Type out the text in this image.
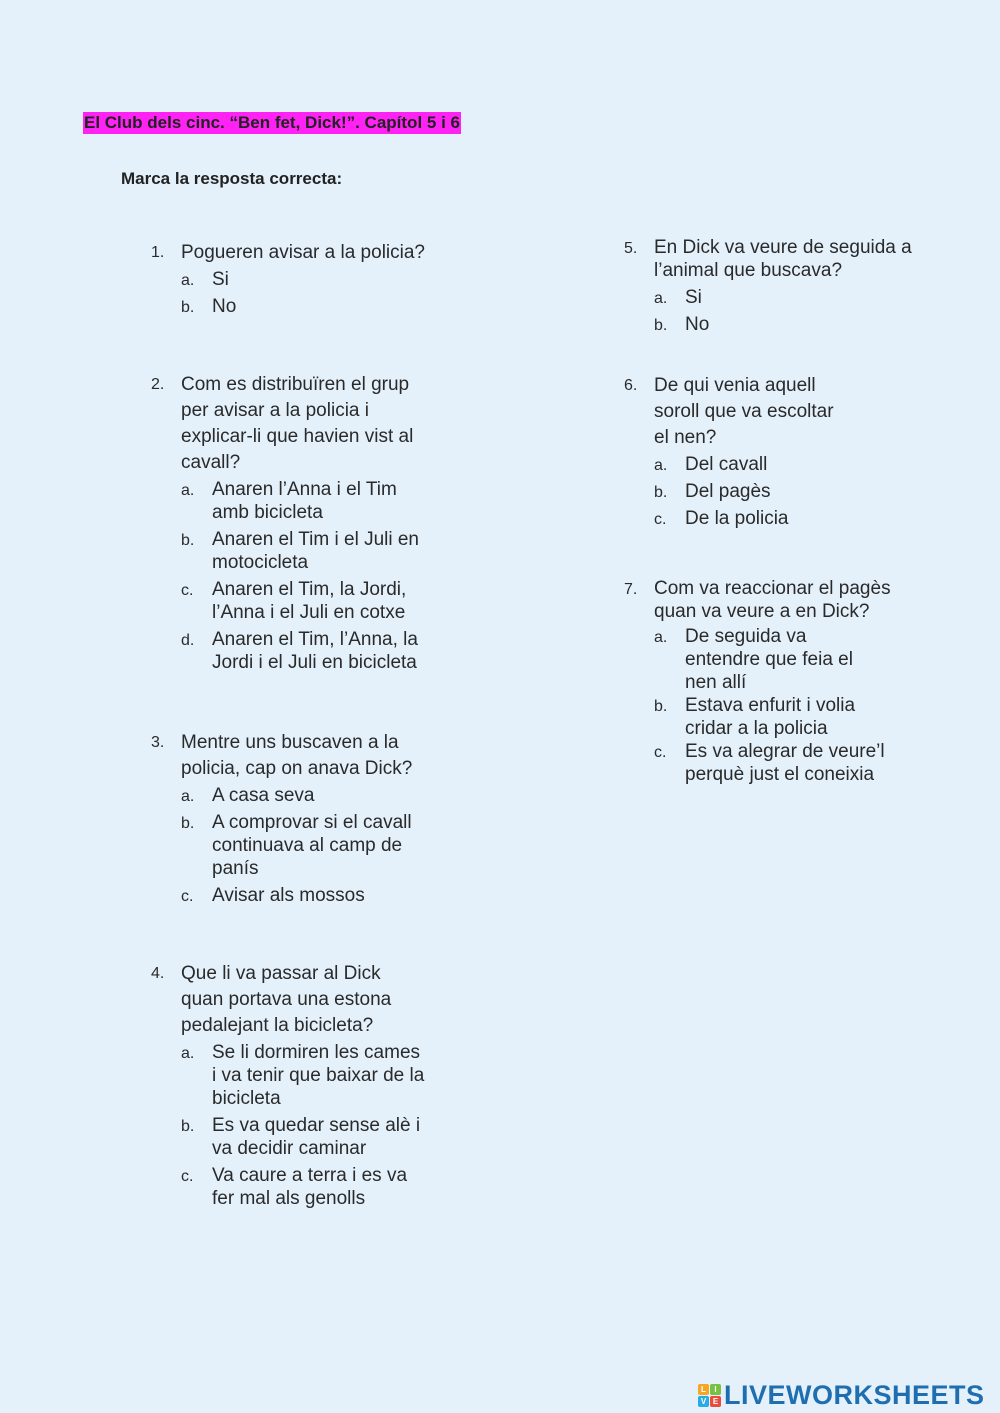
El Club dels cinc. “Ben fet, Dick!”. Capítol 5 i 6
Marca la resposta correcta:
1. Pogueren avisar a la policia?
a. Si
b. No
2. Com es distribuïren el grup
per avisar a la policia i
explicar-li que havien vist al
cavall?
a. Anaren l’Anna i el Tim
amb bicicleta
b. Anaren el Tim i el Juli en
motocicleta
c. Anaren el Tim, la Jordi,
l’Anna i el Juli en cotxe
d. Anaren el Tim, l’Anna, la
Jordi i el Juli en bicicleta
3. Mentre uns buscaven a la
policia, cap on anava Dick?
a. A casa seva
b. A comprovar si el cavall
continuava al camp de
panís
c. Avisar als mossos
4. Que li va passar al Dick
quan portava una estona
pedalejant la bicicleta?
a. Se li dormiren les cames
i va tenir que baixar de la
bicicleta
b. Es va quedar sense alè i
va decidir caminar
c. Va caure a terra i es va
fer mal als genolls
5. En Dick va veure de seguida a
l’animal que buscava?
a. Si
b. No
6. De qui venia aquell
soroll que va escoltar
el nen?
a. Del cavall
b. Del pagès
c. De la policia
7. Com va reaccionar el pagès
quan va veure a en Dick?
a. De seguida va
entendre que feia el
nen allí
b. Estava enfurit i volia
cridar a la policia
c. Es va alegrar de veure’l
perquè just el coneixia
L	I
V E LIVEWORKSHEETS
